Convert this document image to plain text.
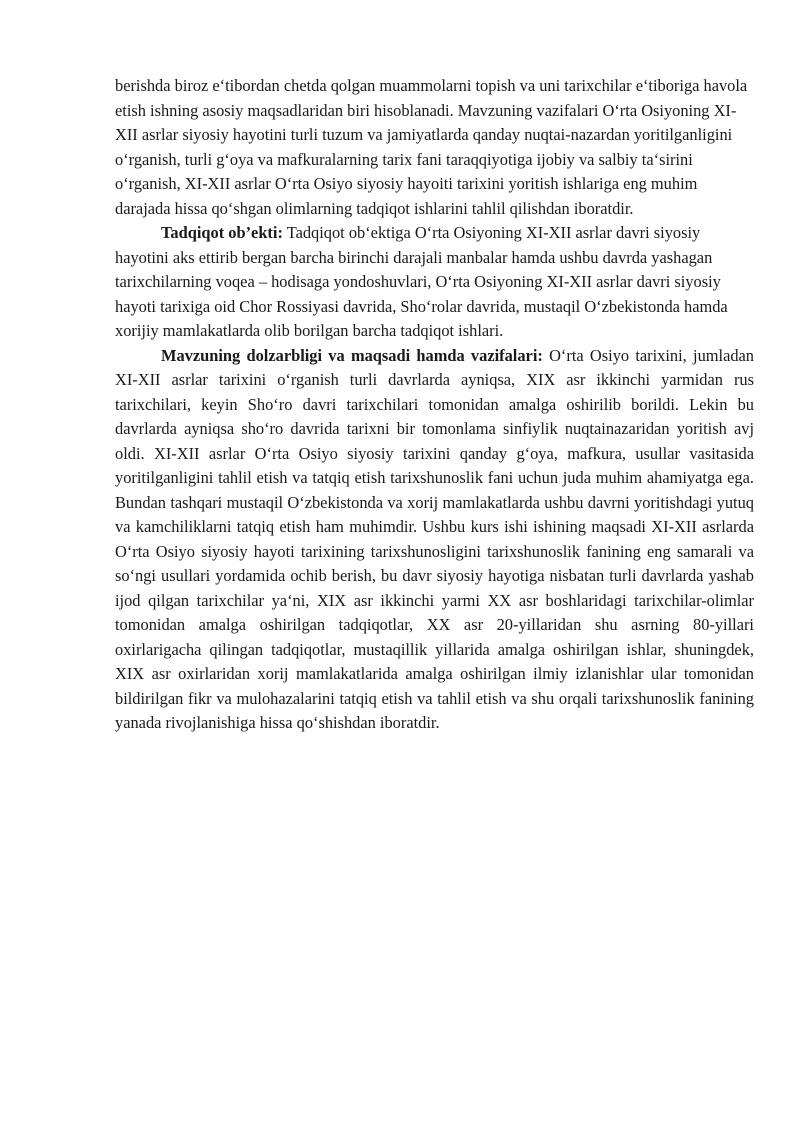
berishda biroz e‘tibordan chetda qolgan muammolarni topish va uni tarixchilar e‘tiboriga havola etish ishning asosiy maqsadlaridan biri hisoblanadi. Mavzuning vazifalari O‘rta Osiyoning XI-XII asrlar siyosiy hayotini turli tuzum va jamiyatlarda qanday nuqtai-nazardan yoritilganligini o‘rganish, turli g‘oya va mafkuralarning tarix fani taraqqiyotiga ijobiy va salbiy ta‘sirini o‘rganish, XI-XII asrlar O‘rta Osiyo siyosiy hayoiti tarixini yoritish ishlariga eng muhim darajada hissa qo‘shgan olimlarning tadqiqot ishlarini tahlil qilishdan iboratdir.

Tadqiqot ob’ekti: Tadqiqot ob‘ektiga O‘rta Osiyoning XI-XII asrlar davri siyosiy hayotini aks ettirib bergan barcha birinchi darajali manbalar hamda ushbu davrda yashagan tarixchilarning voqea – hodisaga yondoshuvlari, O‘rta Osiyoning XI-XII asrlar davri siyosiy hayoti tarixiga oid Chor Rossiyasi davrida, Sho‘rolar davrida, mustaqil O‘zbekistonda hamda xorijiy mamlakatlarda olib borilgan barcha tadqiqot ishlari.

Mavzuning dolzarbligi va maqsadi hamda vazifalari: O‘rta Osiyo tarixini, jumladan XI-XII asrlar tarixini o‘rganish turli davrlarda ayniqsa, XIX asr ikkinchi yarmidan rus tarixchilari, keyin Sho‘ro davri tarixchilari tomonidan amalga oshirilib borildi. Lekin bu davrlarda ayniqsa sho‘ro davrida tarixni bir tomonlama sinfiylik nuqtainazaridan yoritish avj oldi. XI-XII asrlar O‘rta Osiyo siyosiy tarixini qanday g‘oya, mafkura, usullar vasitasida yoritilganligini tahlil etish va tatqiq etish tarixshunoslik fani uchun juda muhim ahamiyatga ega. Bundan tashqari mustaqil O‘zbekistonda va xorij mamlakatlarda ushbu davrni yoritishdagi yutuq va kamchiliklarni tatqiq etish ham muhimdir. Ushbu kurs ishi ishining maqsadi XI-XII asrlarda O‘rta Osiyo siyosiy hayoti tarixining tarixshunosligini tarixshunoslik fanining eng samarali va so‘ngi usullari yordamida ochib berish, bu davr siyosiy hayotiga nisbatan turli davrlarda yashab ijod qilgan tarixchilar ya‘ni, XIX asr ikkinchi yarmi XX asr boshlaridagi tarixchilar-olimlar tomonidan amalga oshirilgan tadqiqotlar, XX asr 20-yillaridan shu asrning 80-yillari oxirlarigacha qilingan tadqiqotlar, mustaqillik yillarida amalga oshirilgan ishlar, shuningdek, XIX asr oxirlaridan xorij mamlakatlarida amalga oshirilgan ilmiy izlanishlar ular tomonidan bildirilgan fikr va mulohazalarini tatqiq etish va tahlil etish va shu orqali tarixshunoslik fanining yanada rivojlanishiga hissa qo‘shishdan iboratdir.
